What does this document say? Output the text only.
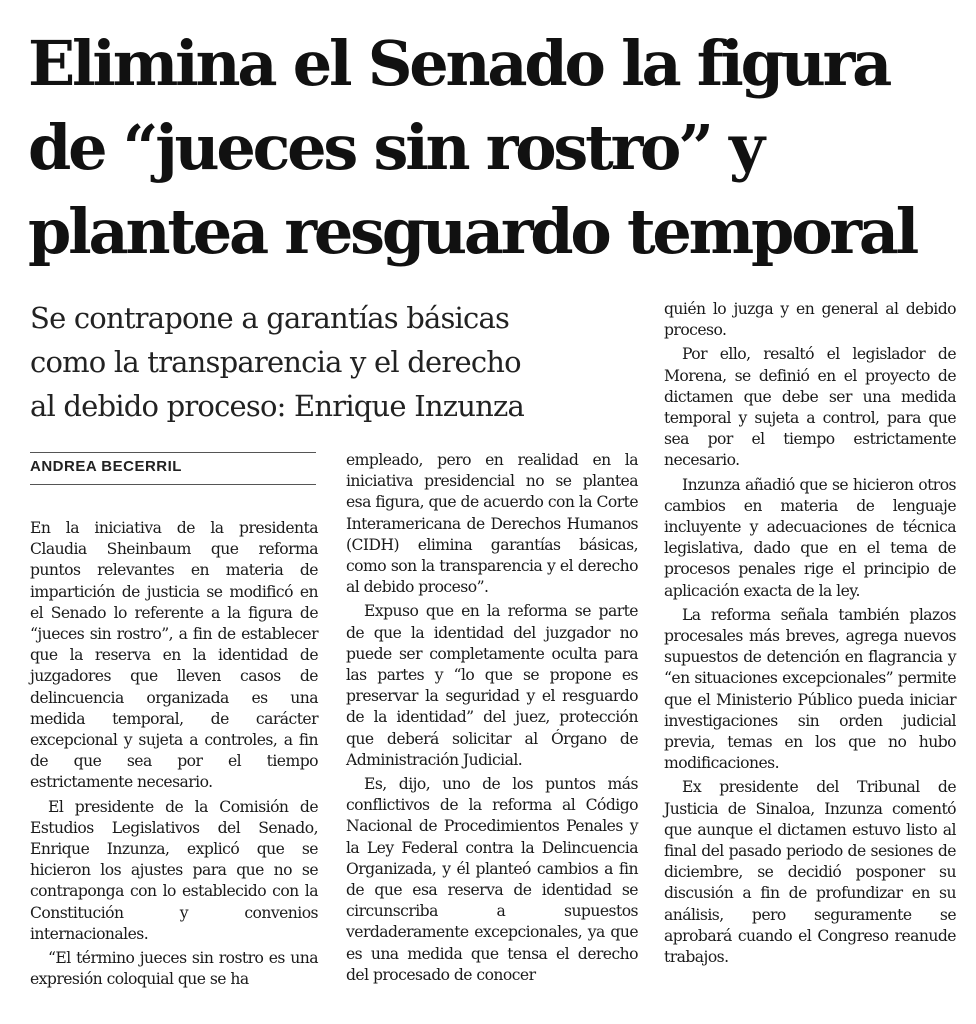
Elimina el Senado la figura
de “jueces sin rostro” y
plantea resguardo temporal
Se contrapone a garantías básicas
como la transparencia y el derecho
al debido proceso: Enrique Inzunza
ANDREA BECERRIL

En la iniciativa de la presidenta Claudia Sheinbaum que reforma puntos relevantes en materia de impartición de justicia se modificó en el Senado lo referente a la figura de “jueces sin rostro”, a fin de establecer que la reserva en la identidad de juzgadores que lleven casos de delincuencia organizada es una medida temporal, de carácter excepcional y sujeta a controles, a fin de que sea por el tiempo estrictamente necesario.

El presidente de la Comisión de Estudios Legislativos del Senado, Enrique Inzunza, explicó que se hicieron los ajustes para que no se contraponga con lo establecido con la Constitución y convenios internacionales.

“El término jueces sin rostro es una expresión coloquial que se ha

empleado, pero en realidad en la iniciativa presidencial no se plantea esa figura, que de acuerdo con la Corte Interamericana de Derechos Humanos (CIDH) elimina garantías básicas, como son la transparencia y el derecho al debido proceso”.

Expuso que en la reforma se parte de que la identidad del juzgador no puede ser completamente oculta para las partes y “lo que se propone es preservar la seguridad y el resguardo de la identidad” del juez, protección que deberá solicitar al Órgano de Administración Judicial.

Es, dijo, uno de los puntos más conflictivos de la reforma al Código Nacional de Procedimientos Penales y la Ley Federal contra la Delincuencia Organizada, y él planteó cambios a fin de que esa reserva de identidad se circunscriba a supuestos verdaderamente excepcionales, ya que es una medida que tensa el derecho del procesado de conocer

quién lo juzga y en general al debido proceso.

Por ello, resaltó el legislador de Morena, se definió en el proyecto de dictamen que debe ser una medida temporal y sujeta a control, para que sea por el tiempo estrictamente necesario.

Inzunza añadió que se hicieron otros cambios en materia de lenguaje incluyente y adecuaciones de técnica legislativa, dado que en el tema de procesos penales rige el principio de aplicación exacta de la ley.

La reforma señala también plazos procesales más breves, agrega nuevos supuestos de detención en flagrancia y “en situaciones excepcionales” permite que el Ministerio Público pueda iniciar investigaciones sin orden judicial previa, temas en los que no hubo modificaciones.

Ex presidente del Tribunal de Justicia de Sinaloa, Inzunza comentó que aunque el dictamen estuvo listo al final del pasado periodo de sesiones de diciembre, se decidió posponer su discusión a fin de profundizar en su análisis, pero seguramente se aprobará cuando el Congreso reanude trabajos.
